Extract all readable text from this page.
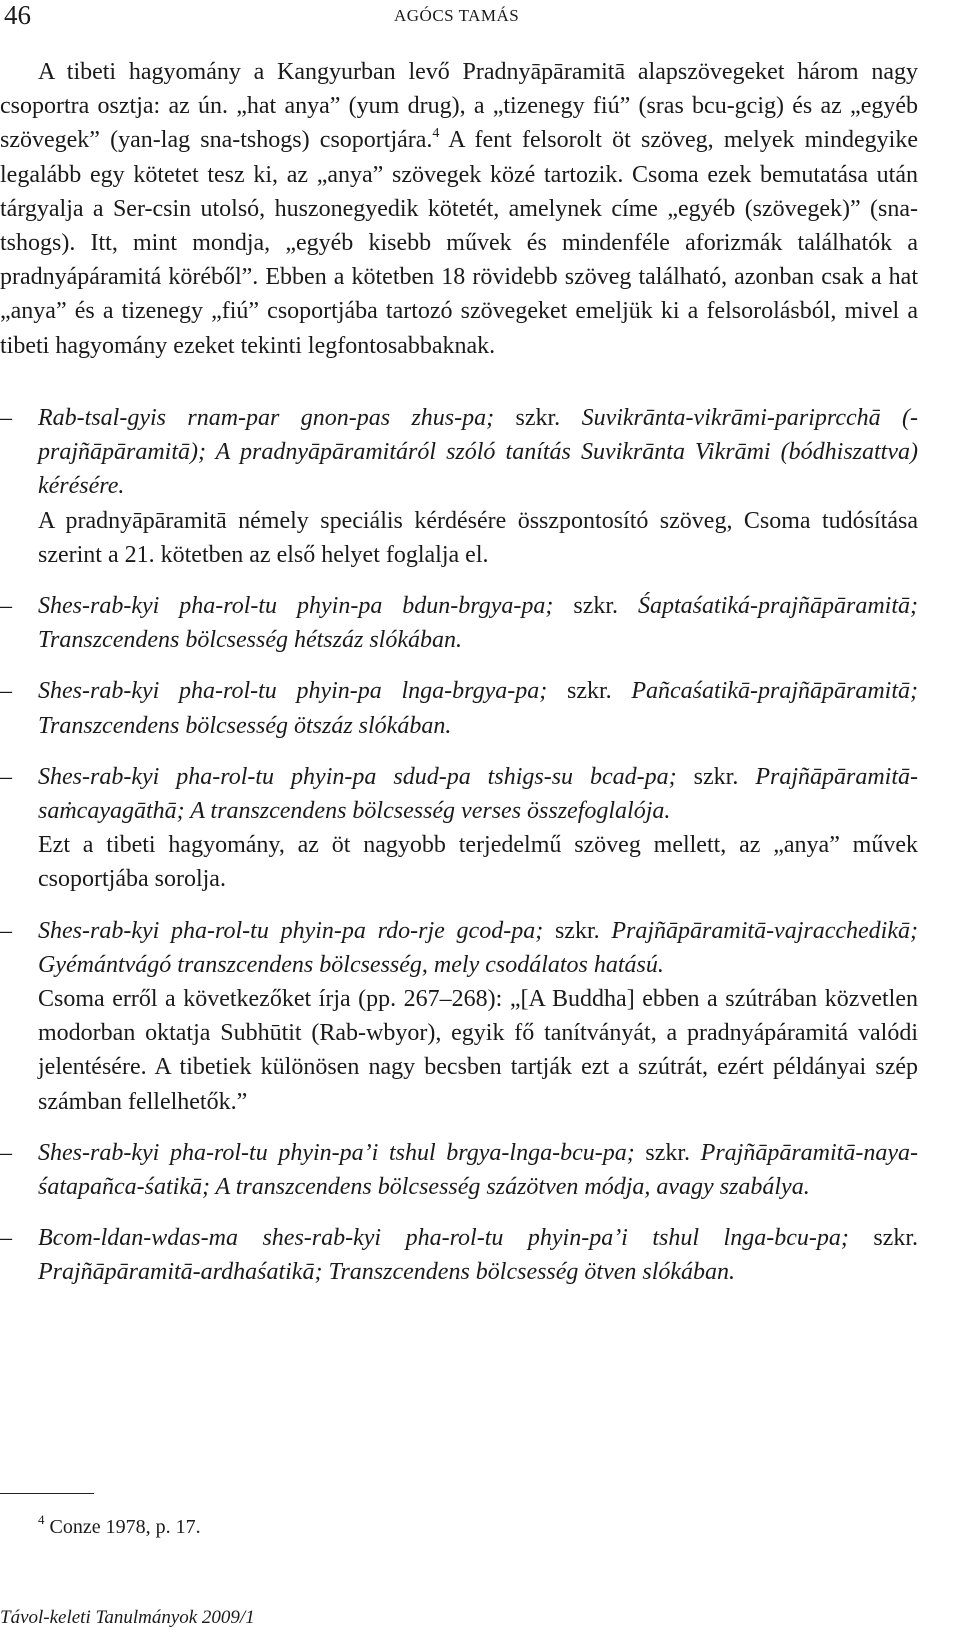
46	AGÓCS TAMÁS

A tibeti hagyomány a Kangyurban levő Pradnyāpāramitā alapszövegeket három nagy csoportra osztja: az ún. „hat anya” (yum drug), a „tizenegy fiú” (sras bcu-gcig) és az „egyéb szövegek” (yan-lag sna-tshogs) csoportjára.$^4$ A fent felsorolt öt szöveg, melyek mindegyike legalább egy kötetet tesz ki, az „anya” szövegek közé tartozik. Csoma ezek bemutatása után tárgyalja a Ser-csin utolsó, huszonegyedik kötetét, amelynek címe „egyéb (szövegek)” (sna-tshogs). Itt, mint mondja, „egyéb kisebb művek és mindenféle aforizmák találhatók a pradnyápáramitá köréből”. Ebben a kötetben 18 rövidebb szöveg található, azonban csak a hat „anya” és a tizenegy „fiú” csoportjába tartozó szövegeket emeljük ki a felsorolásból, mivel a tibeti hagyomány ezeket tekinti legfontosabbaknak.

– Rab-tsal-gyis rnam-par gnon-pas zhus-pa; szkr. Suvikrānta-vikrāmi-pariprcchā (-prajñāpāramitā); A pradnyāpāramitáról szóló tanítás Suvikrānta Vikrāmi (bódhiszattva) kérésére.
A pradnyāpāramitā némely speciális kérdésére összpontosító szöveg, Csoma tudósítása szerint a 21. kötetben az első helyet foglalja el.
– Shes-rab-kyi pha-rol-tu phyin-pa bdun-brgya-pa; szkr. Śaptaśatiká-prajñāpāramitā; Transzcendens bölcsesség hétszáz slókában.
– Shes-rab-kyi pha-rol-tu phyin-pa lnga-brgya-pa; szkr. Pañcaśatikā-prajñāpāramitā; Transzcendens bölcsesség ötszáz slókában.
– Shes-rab-kyi pha-rol-tu phyin-pa sdud-pa tshigs-su bcad-pa; szkr. Prajñāpāramitā-saṁcayagāthā; A transzcendens bölcsesség verses összefoglalója.
Ezt a tibeti hagyomány, az öt nagyobb terjedelmű szöveg mellett, az „anya” művek csoportjába sorolja.
– Shes-rab-kyi pha-rol-tu phyin-pa rdo-rje gcod-pa; szkr. Prajñāpāramitā-vajracchedikā; Gyémántvágó transzcendens bölcsesség, mely csodálatos hatású.
Csoma erről a következőket írja (pp. 267–268): „[A Buddha] ebben a szútrában közvetlen modorban oktatja Subhūtit (Rab-wbyor), egyik fő tanítványát, a pradnyápáramitá valódi jelentésére. A tibetiek különösen nagy becsben tartják ezt a szútrát, ezért példányai szép számban fellelhetők.”
– Shes-rab-kyi pha-rol-tu phyin-pa’i tshul brgya-lnga-bcu-pa; szkr. Prajñāpāramitā-naya-śatapañca-śatikā; A transzcendens bölcsesség százötven módja, avagy szabálya.
– Bcom-ldan-wdas-ma shes-rab-kyi pha-rol-tu phyin-pa’i tshul lnga-bcu-pa; szkr. Prajñāpāramitā-ardhaśatikā; Transzcendens bölcsesség ötven slókában.
$^4$ Conze 1978, p. 17.
Távol-keleti Tanulmányok 2009/1
